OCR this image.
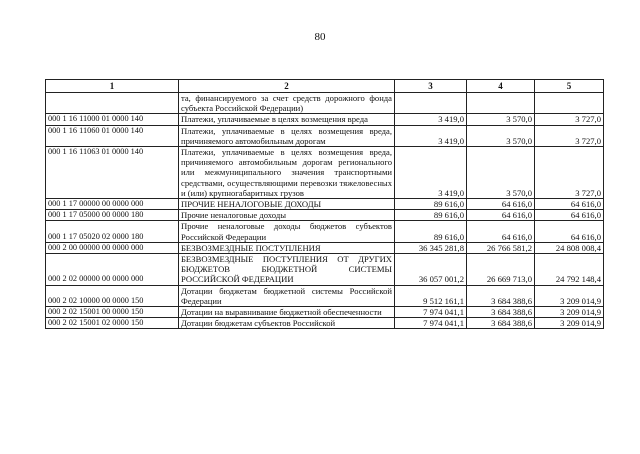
80
1	2	3	4	5
	та, финансируемого за счет средств дорожного фонда субъекта Российской Федерации)			
000 1 16 11000 01 0000 140	Платежи, уплачиваемые в целях возмещения вреда	3 419,0	3 570,0	3 727,0
000 1 16 11060 01 0000 140	Платежи, уплачиваемые в целях возмещения вреда, причиняемого автомобильным дорогам	3 419,0	3 570,0	3 727,0
000 1 16 11063 01 0000 140	Платежи, уплачиваемые в целях возмещения вреда, причиняемого автомобильным дорогам регионального или межмуниципального значения транспортными средствами, осуществляющими перевозки тяжеловесных и (или) крупногабаритных грузов	3 419,0	3 570,0	3 727,0
000 1 17 00000 00 0000 000	ПРОЧИЕ НЕНАЛОГОВЫЕ ДОХОДЫ	89 616,0	64 616,0	64 616,0
000 1 17 05000 00 0000 180	Прочие неналоговые доходы	89 616,0	64 616,0	64 616,0
000 1 17 05020 02 0000 180	Прочие неналоговые доходы бюджетов субъектов Российской Федерации	89 616,0	64 616,0	64 616,0
000 2 00 00000 00 0000 000	БЕЗВОЗМЕЗДНЫЕ ПОСТУПЛЕНИЯ	36 345 281,8	26 766 581,2	24 808 008,4
000 2 02 00000 00 0000 000	БЕЗВОЗМЕЗДНЫЕ ПОСТУПЛЕНИЯ ОТ ДРУГИХ БЮДЖЕТОВ БЮДЖЕТНОЙ СИСТЕМЫ РОССИЙСКОЙ ФЕДЕРАЦИИ	36 057 001,2	26 669 713,0	24 792 148,4
000 2 02 10000 00 0000 150	Дотации бюджетам бюджетной системы Российской Федерации	9 512 161,1	3 684 388,6	3 209 014,9
000 2 02 15001 00 0000 150	Дотации на выравнивание бюджетной обеспеченности	7 974 041,1	3 684 388,6	3 209 014,9
000 2 02 15001 02 0000 150	Дотации бюджетам субъектов Российской	7 974 041,1	3 684 388,6	3 209 014,9
